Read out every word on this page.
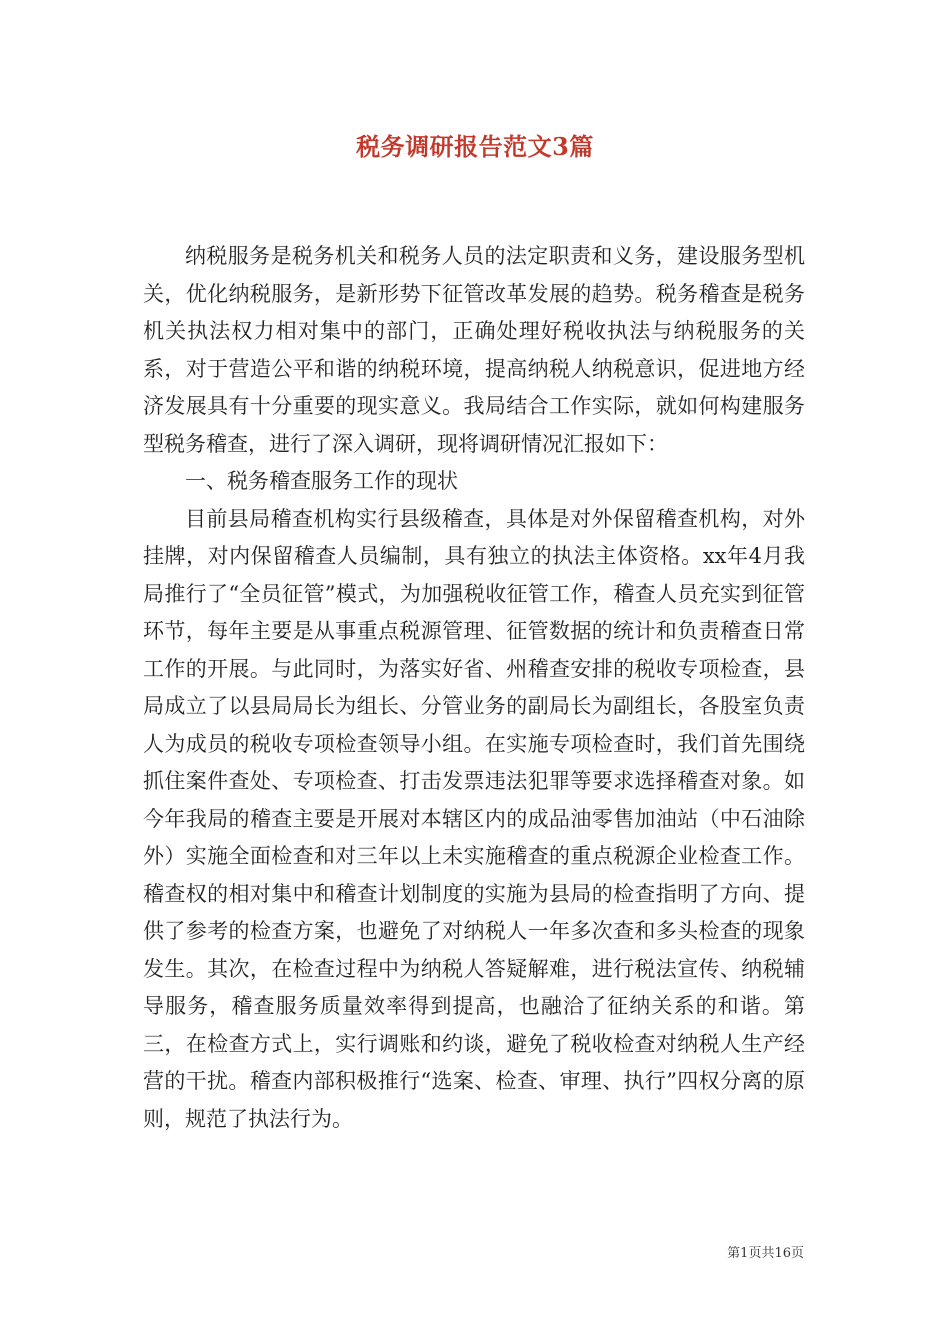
税务调研报告范文3篇

纳税服务是税务机关和税务人员的法定职责和义务，建设服务型机关，优化纳税服务，是新形势下征管改革发展的趋势。税务稽查是税务机关执法权力相对集中的部门，正确处理好税收执法与纳税服务的关系，对于营造公平和谐的纳税环境，提高纳税人纳税意识，促进地方经济发展具有十分重要的现实意义。我局结合工作实际，就如何构建服务型税务稽查，进行了深入调研，现将调研情况汇报如下：

一、税务稽查服务工作的现状

目前县局稽查机构实行县级稽查，具体是对外保留稽查机构，对外挂牌，对内保留稽查人员编制，具有独立的执法主体资格。xx年4月我局推行了“全员征管”模式，为加强税收征管工作，稽查人员充实到征管环节，每年主要是从事重点税源管理、征管数据的统计和负责稽查日常工作的开展。与此同时，为落实好省、州稽查安排的税收专项检查，县局成立了以县局局长为组长、分管业务的副局长为副组长，各股室负责人为成员的税收专项检查领导小组。在实施专项检查时，我们首先围绕抓住案件查处、专项检查、打击发票违法犯罪等要求选择稽查对象。如今年我局的稽查主要是开展对本辖区内的成品油零售加油站（中石油除外）实施全面检查和对三年以上未实施稽查的重点税源企业检查工作。稽查权的相对集中和稽查计划制度的实施为县局的检查指明了方向、提供了参考的检查方案，也避免了对纳税人一年多次查和多头检查的现象发生。其次，在检查过程中为纳税人答疑解难，进行税法宣传、纳税辅导服务，稽查服务质量效率得到提高，也融洽了征纳关系的和谐。第三，在检查方式上，实行调账和约谈，避免了税收检查对纳税人生产经营的干扰。稽查内部积极推行“选案、检查、审理、执行”四权分离的原则，规范了执法行为。

第1页共16页
